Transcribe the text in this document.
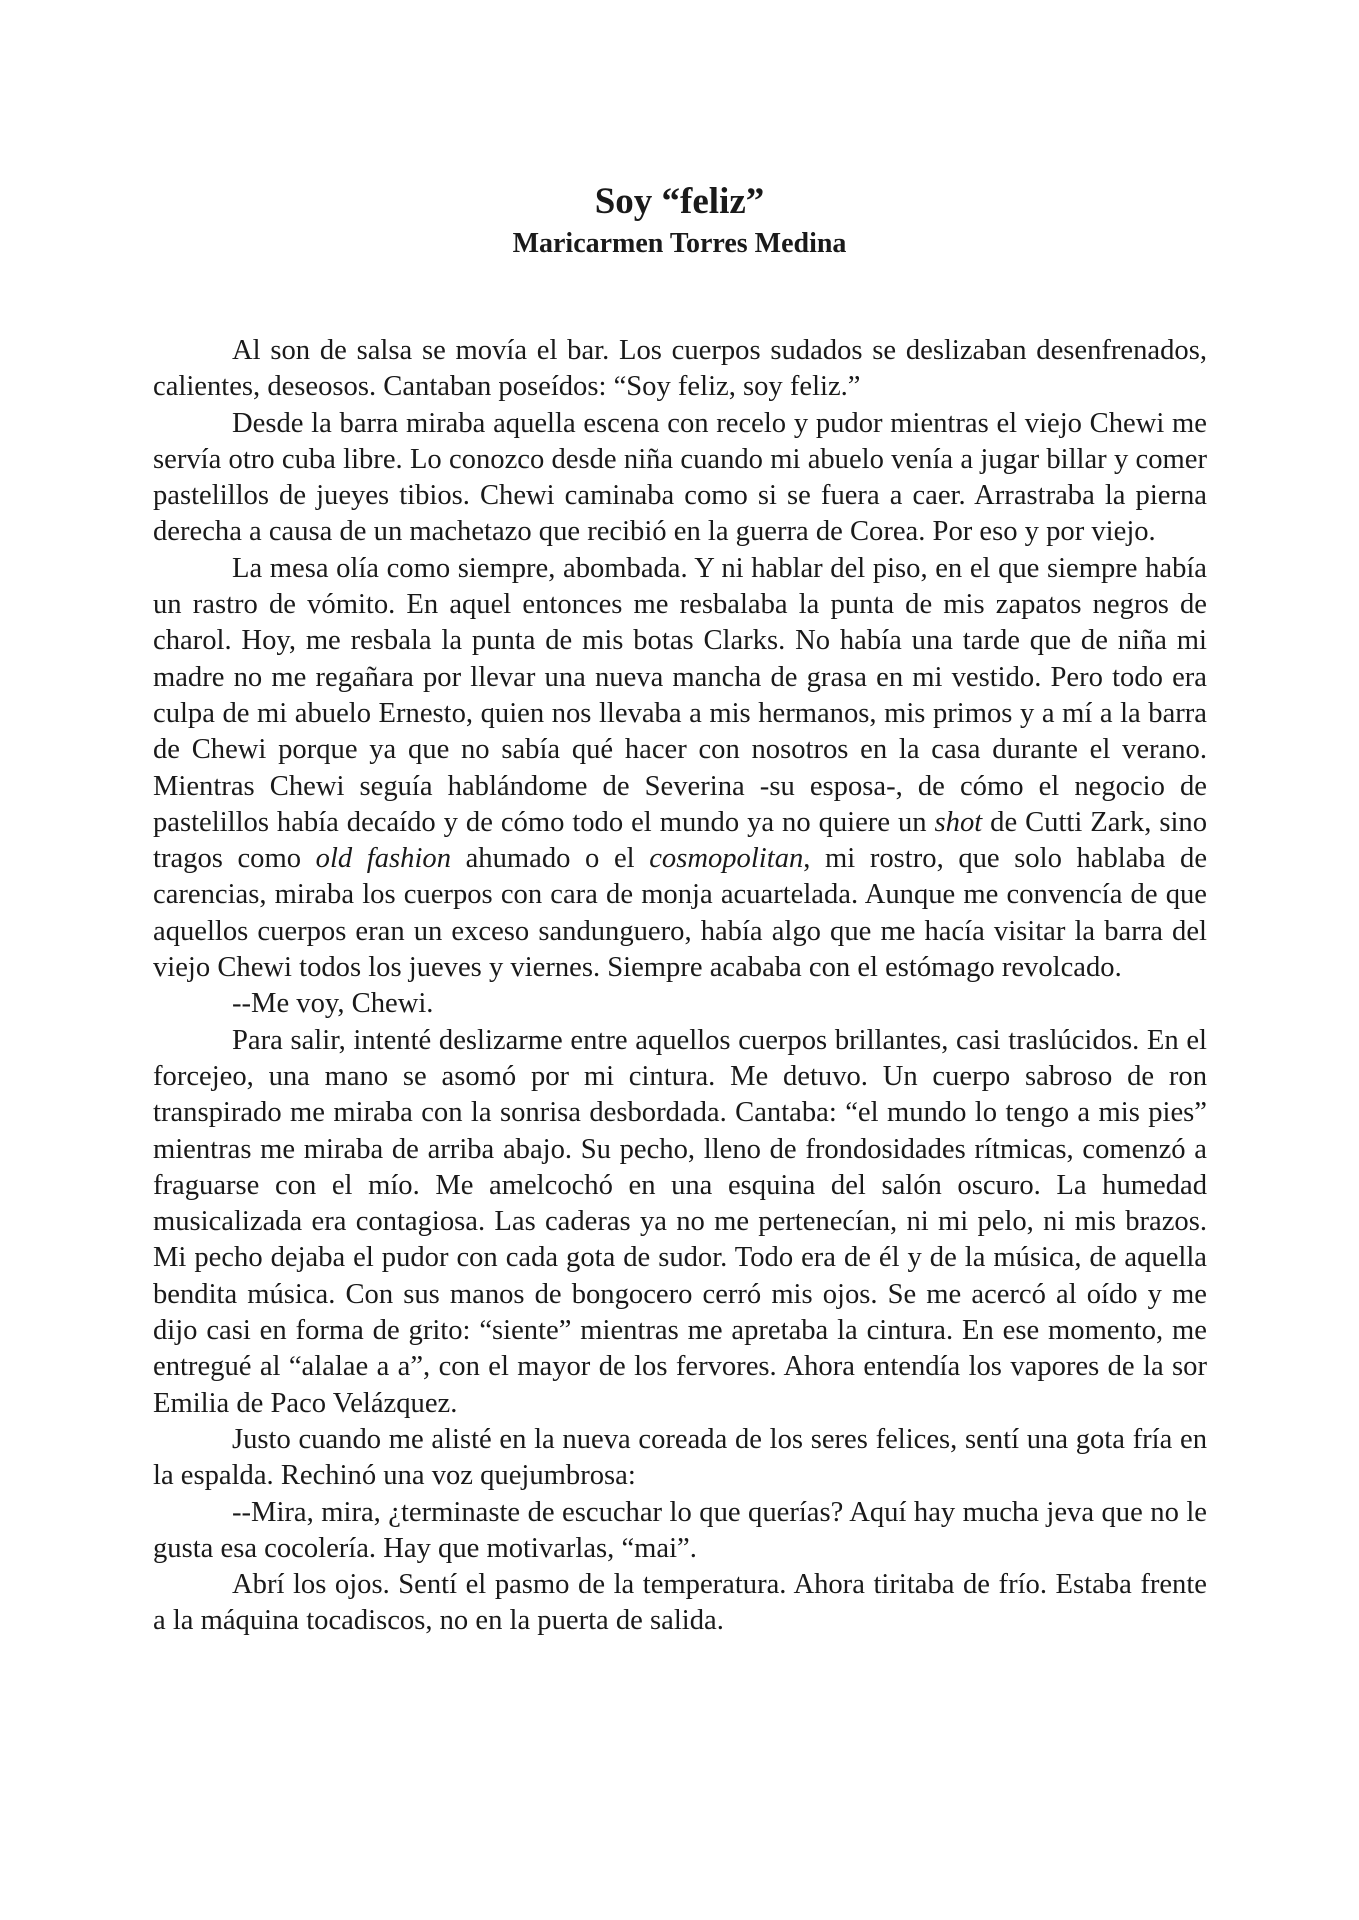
Soy “feliz”
Maricarmen Torres Medina

Al son de salsa se movía el bar. Los cuerpos sudados se deslizaban desenfrenados, calientes, deseosos. Cantaban poseídos: “Soy feliz, soy feliz.”

Desde la barra miraba aquella escena con recelo y pudor mientras el viejo Chewi me servía otro cuba libre. Lo conozco desde niña cuando mi abuelo venía a jugar billar y comer pastelillos de jueyes tibios. Chewi caminaba como si se fuera a caer. Arrastraba la pierna derecha a causa de un machetazo que recibió en la guerra de Corea. Por eso y por viejo.

La mesa olía como siempre, abombada. Y ni hablar del piso, en el que siempre había un rastro de vómito. En aquel entonces me resbalaba la punta de mis zapatos negros de charol. Hoy, me resbala la punta de mis botas Clarks. No había una tarde que de niña mi madre no me regañara por llevar una nueva mancha de grasa en mi vestido. Pero todo era culpa de mi abuelo Ernesto, quien nos llevaba a mis hermanos, mis primos y a mí a la barra de Chewi porque ya que no sabía qué hacer con nosotros en la casa durante el verano. Mientras Chewi seguía hablándome de Severina -su esposa-, de cómo el negocio de pastelillos había decaído y de cómo todo el mundo ya no quiere un shot de Cutti Zark, sino tragos como old fashion ahumado o el cosmopolitan, mi rostro, que solo hablaba de carencias, miraba los cuerpos con cara de monja acuartelada. Aunque me convencía de que aquellos cuerpos eran un exceso sandunguero, había algo que me hacía visitar la barra del viejo Chewi todos los jueves y viernes. Siempre acababa con el estómago revolcado.

--Me voy, Chewi.

Para salir, intenté deslizarme entre aquellos cuerpos brillantes, casi traslúcidos. En el forcejeo, una mano se asomó por mi cintura. Me detuvo. Un cuerpo sabroso de ron transpirado me miraba con la sonrisa desbordada. Cantaba: “el mundo lo tengo a mis pies” mientras me miraba de arriba abajo. Su pecho, lleno de frondosidades rítmicas, comenzó a fraguarse con el mío. Me amelcochó en una esquina del salón oscuro. La humedad musicalizada era contagiosa. Las caderas ya no me pertenecían, ni mi pelo, ni mis brazos. Mi pecho dejaba el pudor con cada gota de sudor. Todo era de él y de la música, de aquella bendita música. Con sus manos de bongocero cerró mis ojos. Se me acercó al oído y me dijo casi en forma de grito: “siente” mientras me apretaba la cintura. En ese momento, me entregué al “alalae a a”, con el mayor de los fervores. Ahora entendía los vapores de la sor Emilia de Paco Velázquez.

Justo cuando me alisté en la nueva coreada de los seres felices, sentí una gota fría en la espalda. Rechinó una voz quejumbrosa:

--Mira, mira, ¿terminaste de escuchar lo que querías? Aquí hay mucha jeva que no le gusta esa cocolería. Hay que motivarlas, “mai”.

Abrí los ojos. Sentí el pasmo de la temperatura. Ahora tiritaba de frío. Estaba frente a la máquina tocadiscos, no en la puerta de salida.
